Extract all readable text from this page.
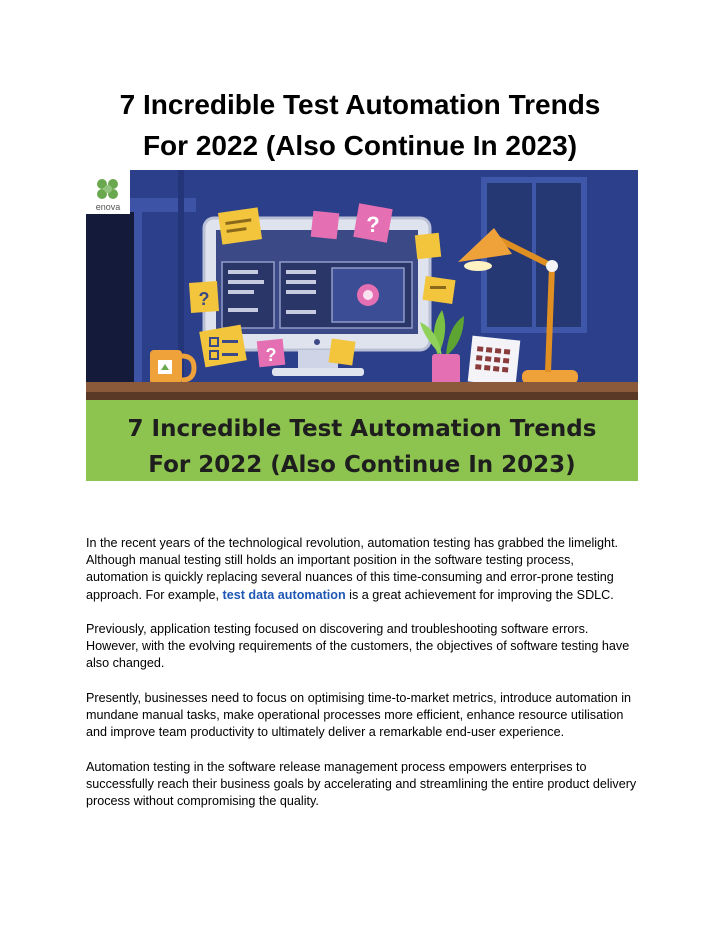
7 Incredible Test Automation Trends
For 2022 (Also Continue In 2023)
enova
?
?
?
7 Incredible Test Automation Trends
For 2022 (Also Continue In 2023)

In the recent years of the technological revolution, automation testing has grabbed the limelight. Although manual testing still holds an important position in the software testing process, automation is quickly replacing several nuances of this time-consuming and error-prone testing approach. For example, test data automation is a great achievement for improving the SDLC.

Previously, application testing focused on discovering and troubleshooting software errors. However, with the evolving requirements of the customers, the objectives of software testing have also changed.

Presently, businesses need to focus on optimising time-to-market metrics, introduce automation in mundane manual tasks, make operational processes more efficient, enhance resource utilisation and improve team productivity to ultimately deliver a remarkable end-user experience.

Automation testing in the software release management process empowers enterprises to successfully reach their business goals by accelerating and streamlining the entire product delivery process without compromising the quality.
